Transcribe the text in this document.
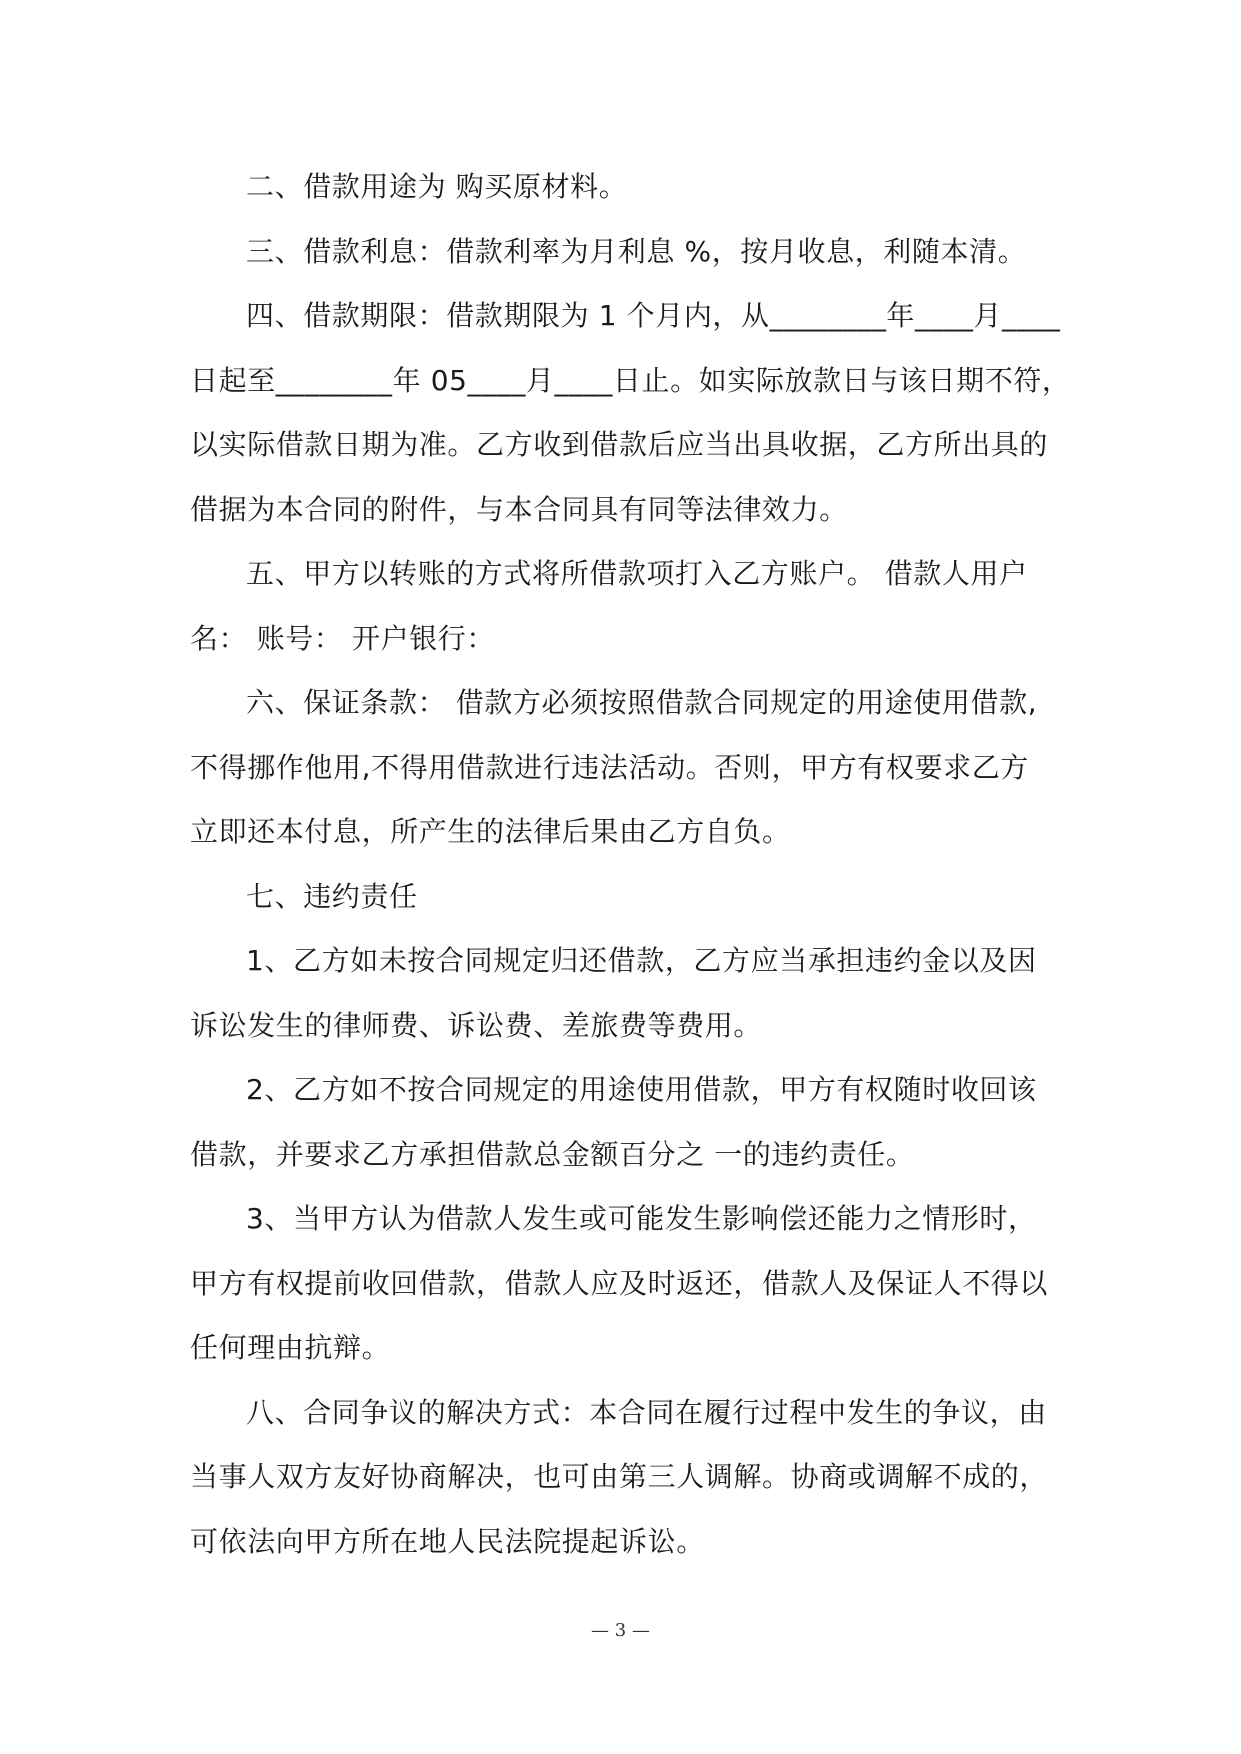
二、借款用途为 购买原材料。
三、借款利息：借款利率为月利息 %，按月收息，利随本清。
四、借款期限：借款期限为 1 个月内，从________年____月____
日起至________年 05____月____日止。如实际放款日与该日期不符，
以实际借款日期为准。乙方收到借款后应当出具收据，乙方所出具的
借据为本合同的附件，与本合同具有同等法律效力。
五、甲方以转账的方式将所借款项打入乙方账户。 借款人用户
名： 账号： 开户银行：
六、保证条款： 借款方必须按照借款合同规定的用途使用借款,
不得挪作他用,不得用借款进行违法活动。否则，甲方有权要求乙方
立即还本付息，所产生的法律后果由乙方自负。
七、违约责任
1、乙方如未按合同规定归还借款，乙方应当承担违约金以及因
诉讼发生的律师费、诉讼费、差旅费等费用。
2、乙方如不按合同规定的用途使用借款，甲方有权随时收回该
借款，并要求乙方承担借款总金额百分之 一的违约责任。
3、当甲方认为借款人发生或可能发生影响偿还能力之情形时，
甲方有权提前收回借款，借款人应及时返还，借款人及保证人不得以
任何理由抗辩。
八、合同争议的解决方式：本合同在履行过程中发生的争议，由
当事人双方友好协商解决，也可由第三人调解。协商或调解不成的，
可依法向甲方所在地人民法院提起诉讼。
— 3 —
